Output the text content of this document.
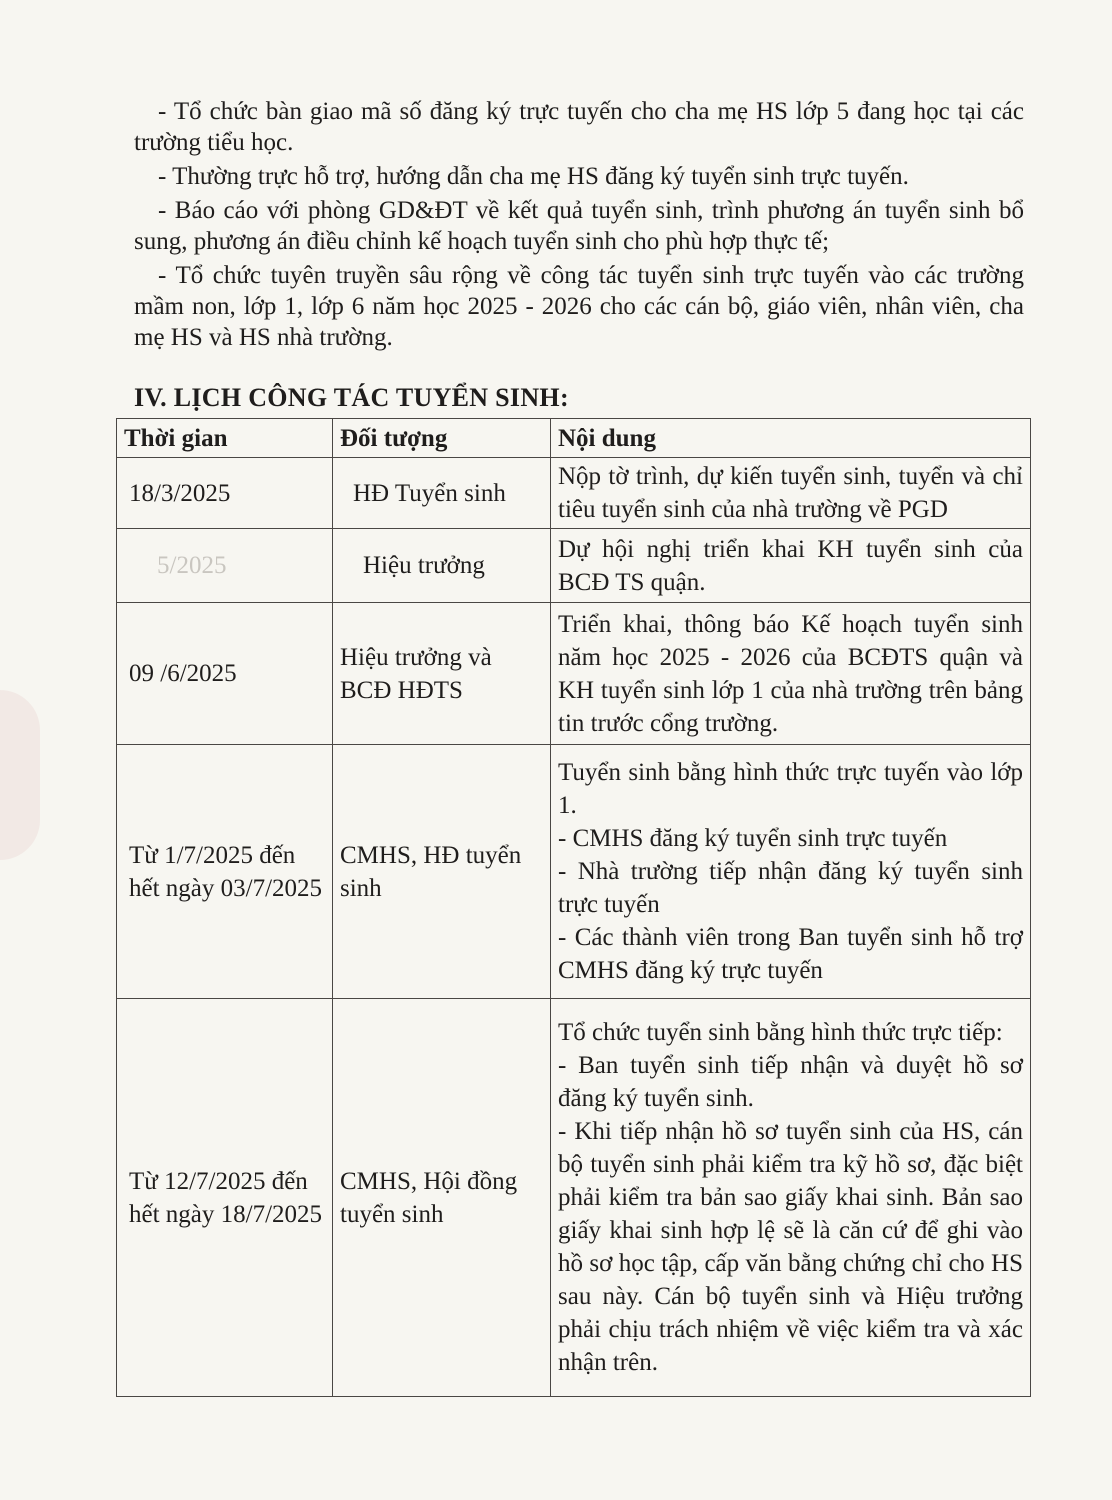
- Tổ chức bàn giao mã số đăng ký trực tuyến cho cha mẹ HS lớp 5 đang học tại các trường tiểu học.

- Thường trực hỗ trợ, hướng dẫn cha mẹ HS đăng ký tuyển sinh trực tuyến.

- Báo cáo với phòng GD&ĐT về kết quả tuyển sinh, trình phương án tuyển sinh bổ sung, phương án điều chỉnh kế hoạch tuyển sinh cho phù hợp thực tế;

- Tổ chức tuyên truyền sâu rộng về công tác tuyển sinh trực tuyến vào các trường mầm non, lớp 1, lớp 6 năm học 2025 - 2026 cho các cán bộ, giáo viên, nhân viên, cha mẹ HS và HS nhà trường.

IV. LỊCH CÔNG TÁC TUYỂN SINH:
Thời gian	Đối tượng	Nội dung
18/3/2025	HĐ Tuyển sinh	Nộp tờ trình, dự kiến tuyển sinh, tuyển và chỉ tiêu tuyển sinh của nhà trường về PGD
5/2025	Hiệu trưởng	Dự hội nghị triển khai KH tuyển sinh của BCĐ TS quận.
09 /6/2025	Hiệu trưởng và BCĐ HĐTS	Triển khai, thông báo Kế hoạch tuyển sinh năm học 2025 - 2026 của BCĐTS quận và KH tuyển sinh lớp 1 của nhà trường trên bảng tin trước cổng trường.
Từ 1/7/2025 đến hết ngày 03/7/2025	CMHS, HĐ tuyển sinh	Tuyển sinh bằng hình thức trực tuyến vào lớp 1.
- CMHS đăng ký tuyển sinh trực tuyến
- Nhà trường tiếp nhận đăng ký tuyển sinh trực tuyến
- Các thành viên trong Ban tuyển sinh hỗ trợ CMHS đăng ký trực tuyến

Từ 12/7/2025 đến hết ngày 18/7/2025	CMHS, Hội đồng tuyển sinh	Tổ chức tuyển sinh bằng hình thức trực tiếp:
- Ban tuyển sinh tiếp nhận và duyệt hồ sơ đăng ký tuyển sinh.
- Khi tiếp nhận hồ sơ tuyển sinh của HS, cán bộ tuyển sinh phải kiểm tra kỹ hồ sơ, đặc biệt phải kiểm tra bản sao giấy khai sinh. Bản sao giấy khai sinh hợp lệ sẽ là căn cứ để ghi vào hồ sơ học tập, cấp văn bằng chứng chỉ cho HS sau này. Cán bộ tuyển sinh và Hiệu trưởng phải chịu trách nhiệm về việc kiểm tra và xác nhận trên.
